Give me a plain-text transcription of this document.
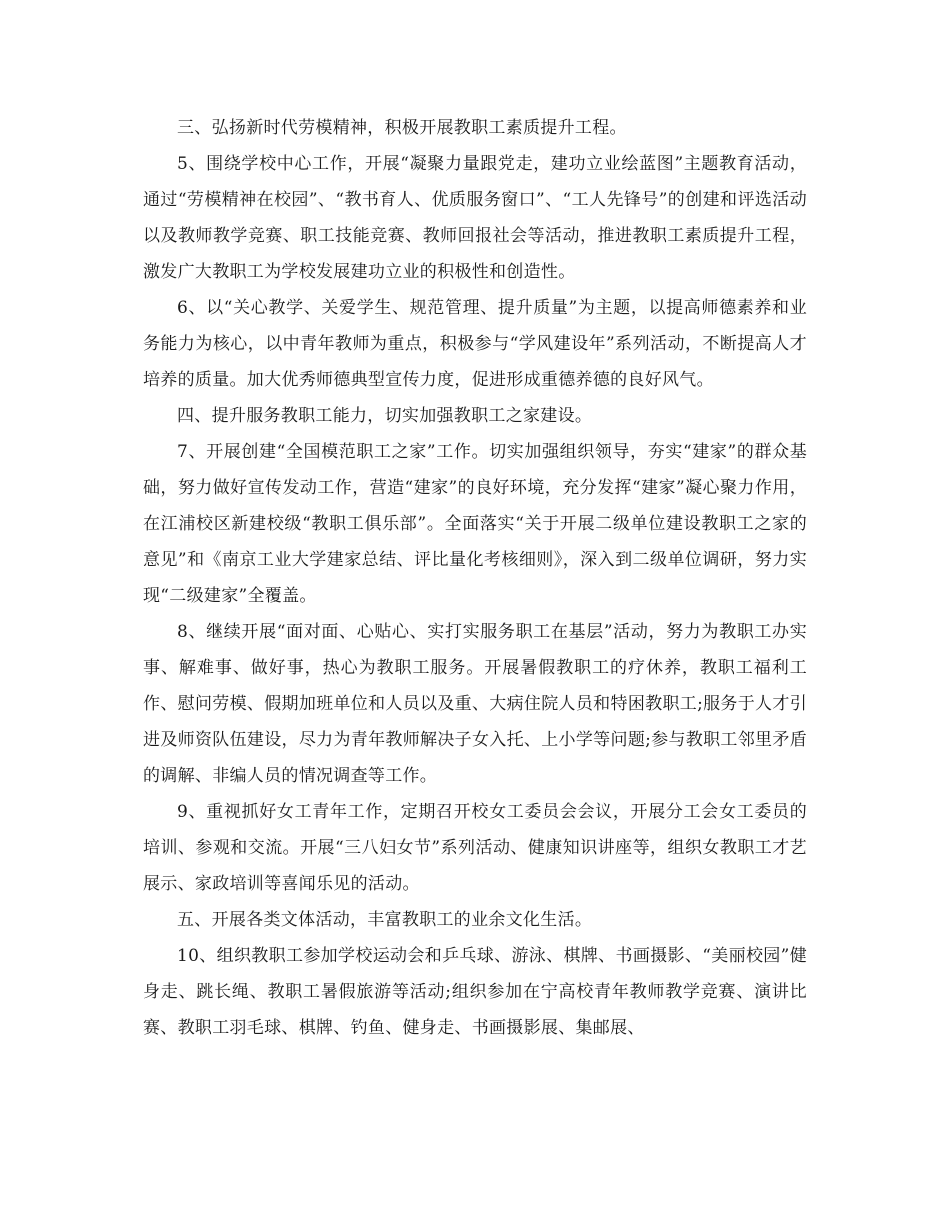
三、弘扬新时代劳模精神，积极开展教职工素质提升工程。

5、围绕学校中心工作，开展“凝聚力量跟党走，建功立业绘蓝图”主题教育活动，通过“劳模精神在校园”、“教书育人、优质服务窗口”、“工人先锋号”的创建和评选活动以及教师教学竞赛、职工技能竞赛、教师回报社会等活动，推进教职工素质提升工程，激发广大教职工为学校发展建功立业的积极性和创造性。

6、以“关心教学、关爱学生、规范管理、提升质量”为主题，以提高师德素养和业务能力为核心，以中青年教师为重点，积极参与“学风建设年”系列活动，不断提高人才培养的质量。加大优秀师德典型宣传力度，促进形成重德养德的良好风气。

四、提升服务教职工能力，切实加强教职工之家建设。

7、开展创建“全国模范职工之家”工作。切实加强组织领导，夯实“建家”的群众基础，努力做好宣传发动工作，营造“建家”的良好环境，充分发挥“建家”凝心聚力作用，在江浦校区新建校级“教职工俱乐部”。全面落实“关于开展二级单位建设教职工之家的意见”和《南京工业大学建家总结、评比量化考核细则》，深入到二级单位调研，努力实现“二级建家”全覆盖。

8、继续开展“面对面、心贴心、实打实服务职工在基层”活动，努力为教职工办实事、解难事、做好事，热心为教职工服务。开展暑假教职工的疗休养，教职工福利工作、慰问劳模、假期加班单位和人员以及重、大病住院人员和特困教职工;服务于人才引进及师资队伍建设，尽力为青年教师解决子女入托、上小学等问题;参与教职工邻里矛盾的调解、非编人员的情况调查等工作。

9、重视抓好女工青年工作，定期召开校女工委员会会议，开展分工会女工委员的培训、参观和交流。开展“三八妇女节”系列活动、健康知识讲座等，组织女教职工才艺展示、家政培训等喜闻乐见的活动。

五、开展各类文体活动，丰富教职工的业余文化生活。

10、组织教职工参加学校运动会和乒乓球、游泳、棋牌、书画摄影、“美丽校园”健身走、跳长绳、教职工暑假旅游等活动;组织参加在宁高校青年教师教学竞赛、演讲比赛、教职工羽毛球、棋牌、钓鱼、健身走、书画摄影展、集邮展、
